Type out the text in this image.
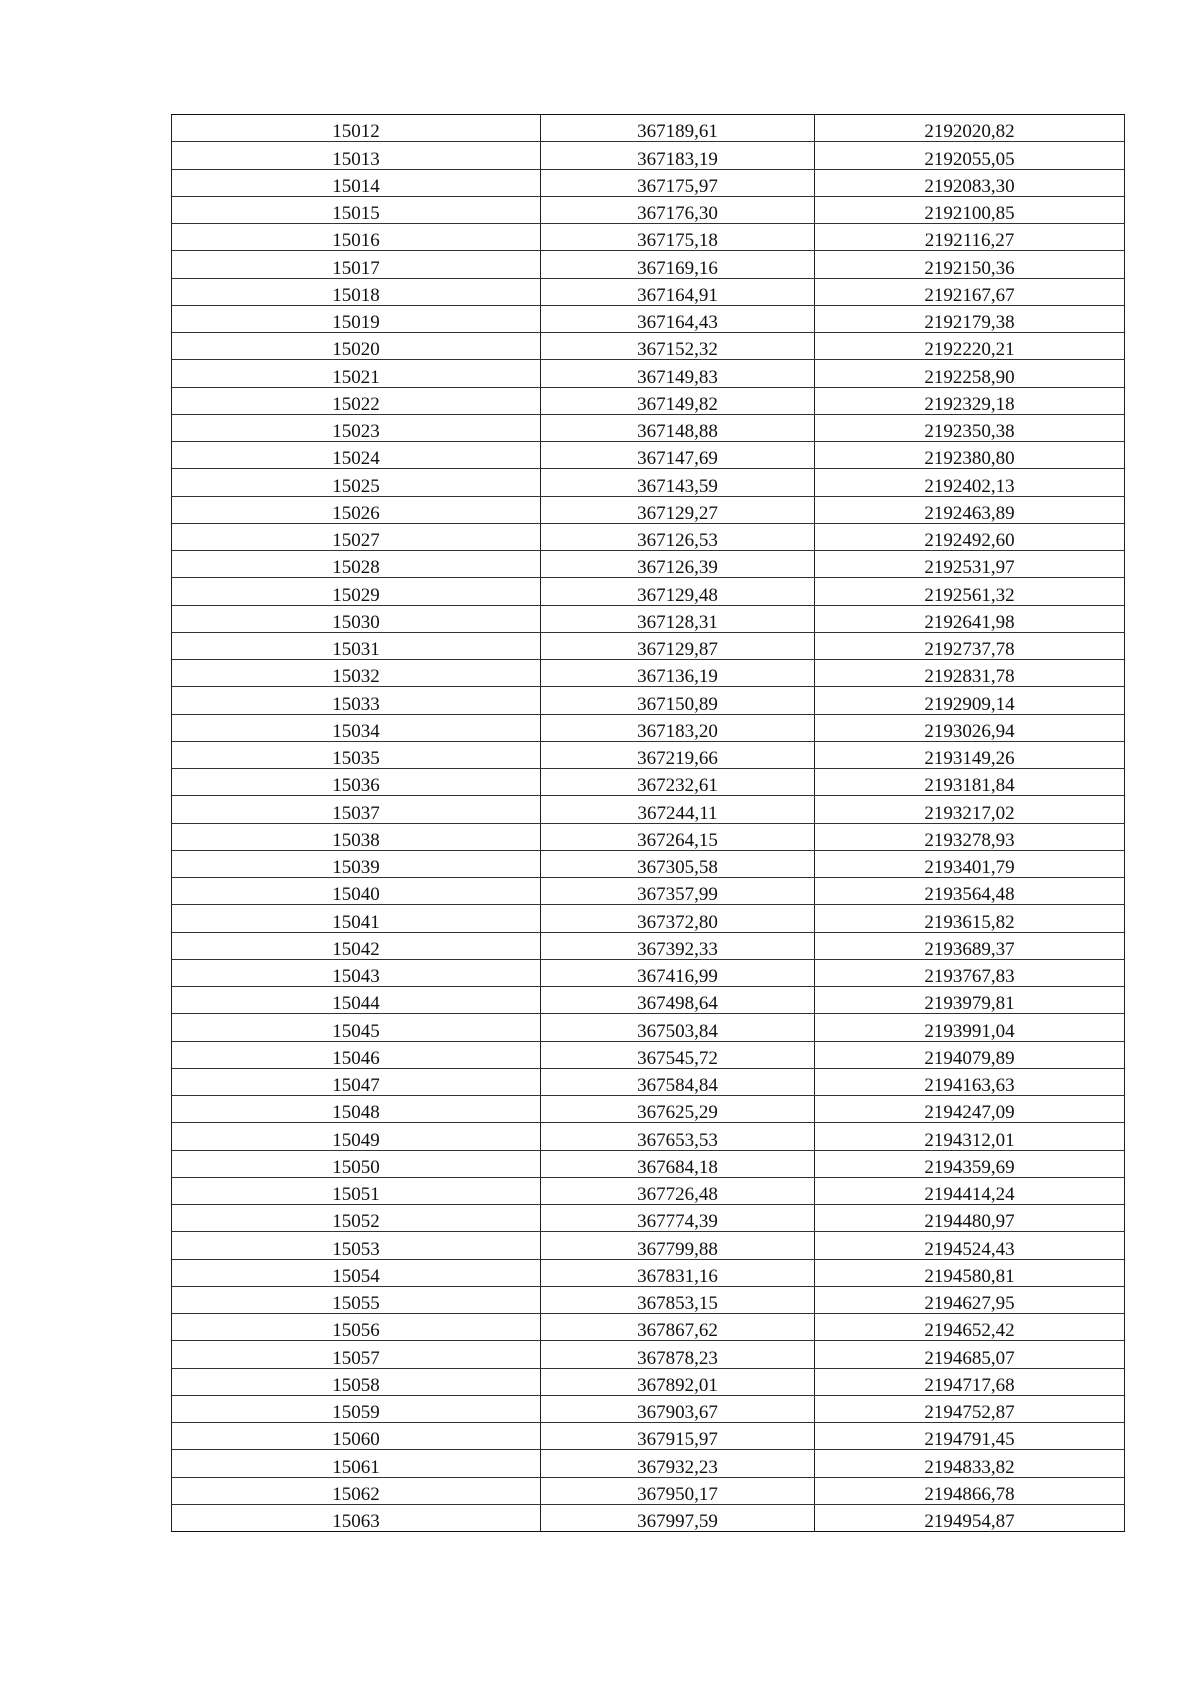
15012	367189,61	2192020,82
15013	367183,19	2192055,05
15014	367175,97	2192083,30
15015	367176,30	2192100,85
15016	367175,18	2192116,27
15017	367169,16	2192150,36
15018	367164,91	2192167,67
15019	367164,43	2192179,38
15020	367152,32	2192220,21
15021	367149,83	2192258,90
15022	367149,82	2192329,18
15023	367148,88	2192350,38
15024	367147,69	2192380,80
15025	367143,59	2192402,13
15026	367129,27	2192463,89
15027	367126,53	2192492,60
15028	367126,39	2192531,97
15029	367129,48	2192561,32
15030	367128,31	2192641,98
15031	367129,87	2192737,78
15032	367136,19	2192831,78
15033	367150,89	2192909,14
15034	367183,20	2193026,94
15035	367219,66	2193149,26
15036	367232,61	2193181,84
15037	367244,11	2193217,02
15038	367264,15	2193278,93
15039	367305,58	2193401,79
15040	367357,99	2193564,48
15041	367372,80	2193615,82
15042	367392,33	2193689,37
15043	367416,99	2193767,83
15044	367498,64	2193979,81
15045	367503,84	2193991,04
15046	367545,72	2194079,89
15047	367584,84	2194163,63
15048	367625,29	2194247,09
15049	367653,53	2194312,01
15050	367684,18	2194359,69
15051	367726,48	2194414,24
15052	367774,39	2194480,97
15053	367799,88	2194524,43
15054	367831,16	2194580,81
15055	367853,15	2194627,95
15056	367867,62	2194652,42
15057	367878,23	2194685,07
15058	367892,01	2194717,68
15059	367903,67	2194752,87
15060	367915,97	2194791,45
15061	367932,23	2194833,82
15062	367950,17	2194866,78
15063	367997,59	2194954,87
